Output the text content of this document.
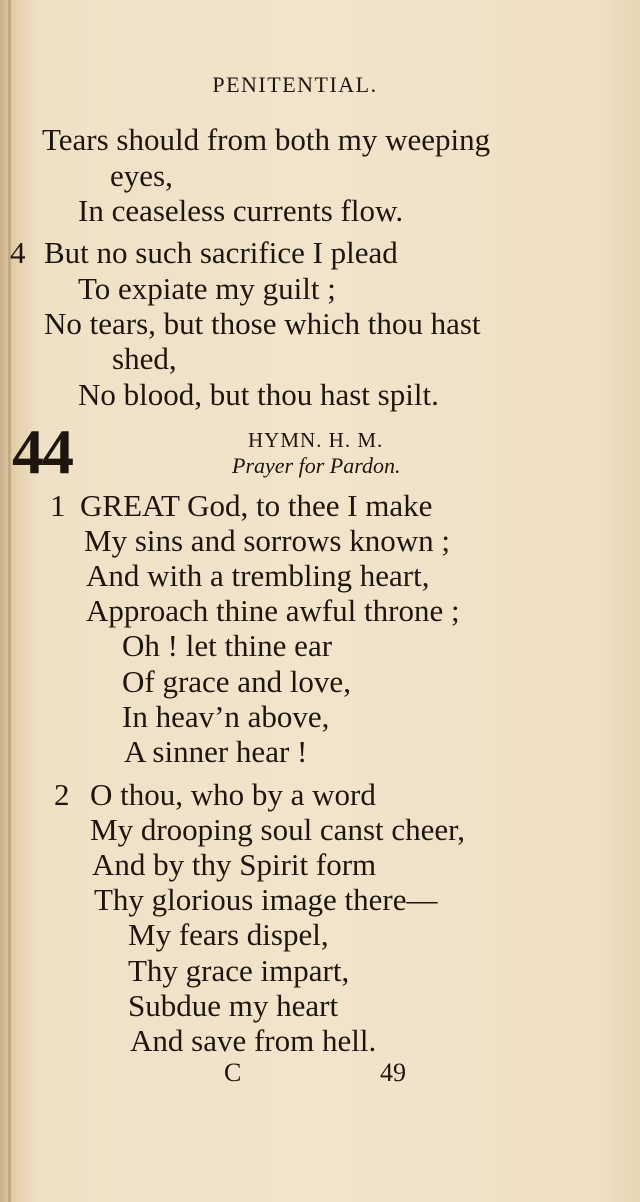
PENITENTIAL.
Tears should from both my weeping
eyes,
In ceaseless currents flow.
4 But no such sacrifice I plead
To expiate my guilt ;
No tears, but those which thou hast
shed,
No blood, but thou hast spilt.
44	HYMN. H. M.
Prayer for Pardon.
1 GREAT God, to thee I make
My sins and sorrows known ;
And with a trembling heart,
Approach thine awful throne ;
Oh ! let thine ear
Of grace and love,
In heav’n above,
A sinner hear !
2 O thou, who by a word
My drooping soul canst cheer,
And by thy Spirit form
Thy glorious image there—
My fears dispel,
Thy grace impart,
Subdue my heart
And save from hell.
C	49
